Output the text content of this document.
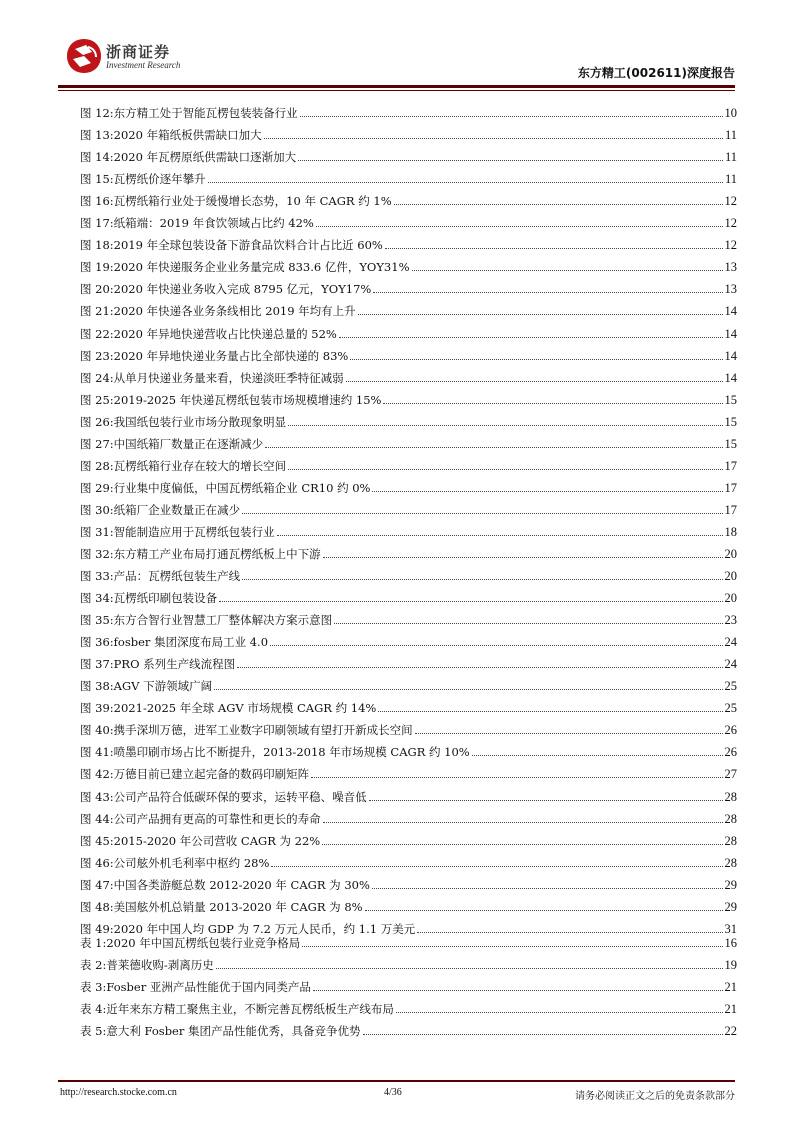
浙商证券
Investment Research
东方精工(002611)深度报告
图 12: 东方精工处于智能瓦楞包装装备行业	10
图 13: 2020 年箱纸板供需缺口加大	11
图 14: 2020 年瓦楞原纸供需缺口逐渐加大	11
图 15: 瓦楞纸价逐年攀升	11
图 16: 瓦楞纸箱行业处于缓慢增长态势，10 年 CAGR 约 1%	12
图 17: 纸箱端：2019 年食饮领域占比约 42%	12
图 18: 2019 年全球包装设备下游食品饮料合计占比近 60%	12
图 19: 2020 年快递服务企业业务量完成 833.6 亿件，YOY31%	13
图 20: 2020 年快递业务收入完成 8795 亿元，YOY17%	13
图 21: 2020 年快递各业务条线相比 2019 年均有上升	14
图 22: 2020 年异地快递营收占比快递总量的 52%	14
图 23: 2020 年异地快递业务量占比全部快递的 83%	14
图 24: 从单月快递业务量来看，快递淡旺季特征减弱	14
图 25: 2019-2025 年快递瓦楞纸包装市场规模增速约 15%	15
图 26: 我国纸包装行业市场分散现象明显	15
图 27: 中国纸箱厂数量正在逐渐减少	15
图 28: 瓦楞纸箱行业存在较大的增长空间	17
图 29: 行业集中度偏低，中国瓦楞纸箱企业 CR10 约 0%	17
图 30: 纸箱厂企业数量正在减少	17
图 31: 智能制造应用于瓦楞纸包装行业	18
图 32: 东方精工产业布局打通瓦楞纸板上中下游	20
图 33: 产品：瓦楞纸包装生产线	20
图 34: 瓦楞纸印刷包装设备	20
图 35: 东方合智行业智慧工厂整体解决方案示意图	23
图 36: fosber 集团深度布局工业 4.0	24
图 37: PRO 系列生产线流程图	24
图 38: AGV 下游领域广阔	25
图 39: 2021-2025 年全球 AGV 市场规模 CAGR 约 14%	25
图 40: 携手深圳万德，进军工业数字印刷领域有望打开新成长空间	26
图 41: 喷墨印刷市场占比不断提升，2013-2018 年市场规模 CAGR 约 10%	26
图 42: 万德目前已建立起完备的数码印刷矩阵	27
图 43: 公司产品符合低碳环保的要求，运转平稳、噪音低	28
图 44: 公司产品拥有更高的可靠性和更长的寿命	28
图 45: 2015-2020 年公司营收 CAGR 为 22%	28
图 46: 公司舷外机毛利率中枢约 28%	28
图 47: 中国各类游艇总数 2012-2020 年 CAGR 为 30%	29
图 48: 美国舷外机总销量 2013-2020 年 CAGR 为 8%	29
图 49: 2020 年中国人均 GDP 为 7.2 万元人民币，约 1.1 万美元	31
表 1: 2020 年中国瓦楞纸包装行业竞争格局	16
表 2: 普莱德收购-剥离历史	19
表 3: Fosber 亚洲产品性能优于国内同类产品	21
表 4: 近年来东方精工聚焦主业，不断完善瓦楞纸板生产线布局	21
表 5: 意大利 Fosber 集团产品性能优秀，具备竞争优势	22
http://research.stocke.com.cn	4/36	请务必阅读正文之后的免责条款部分
